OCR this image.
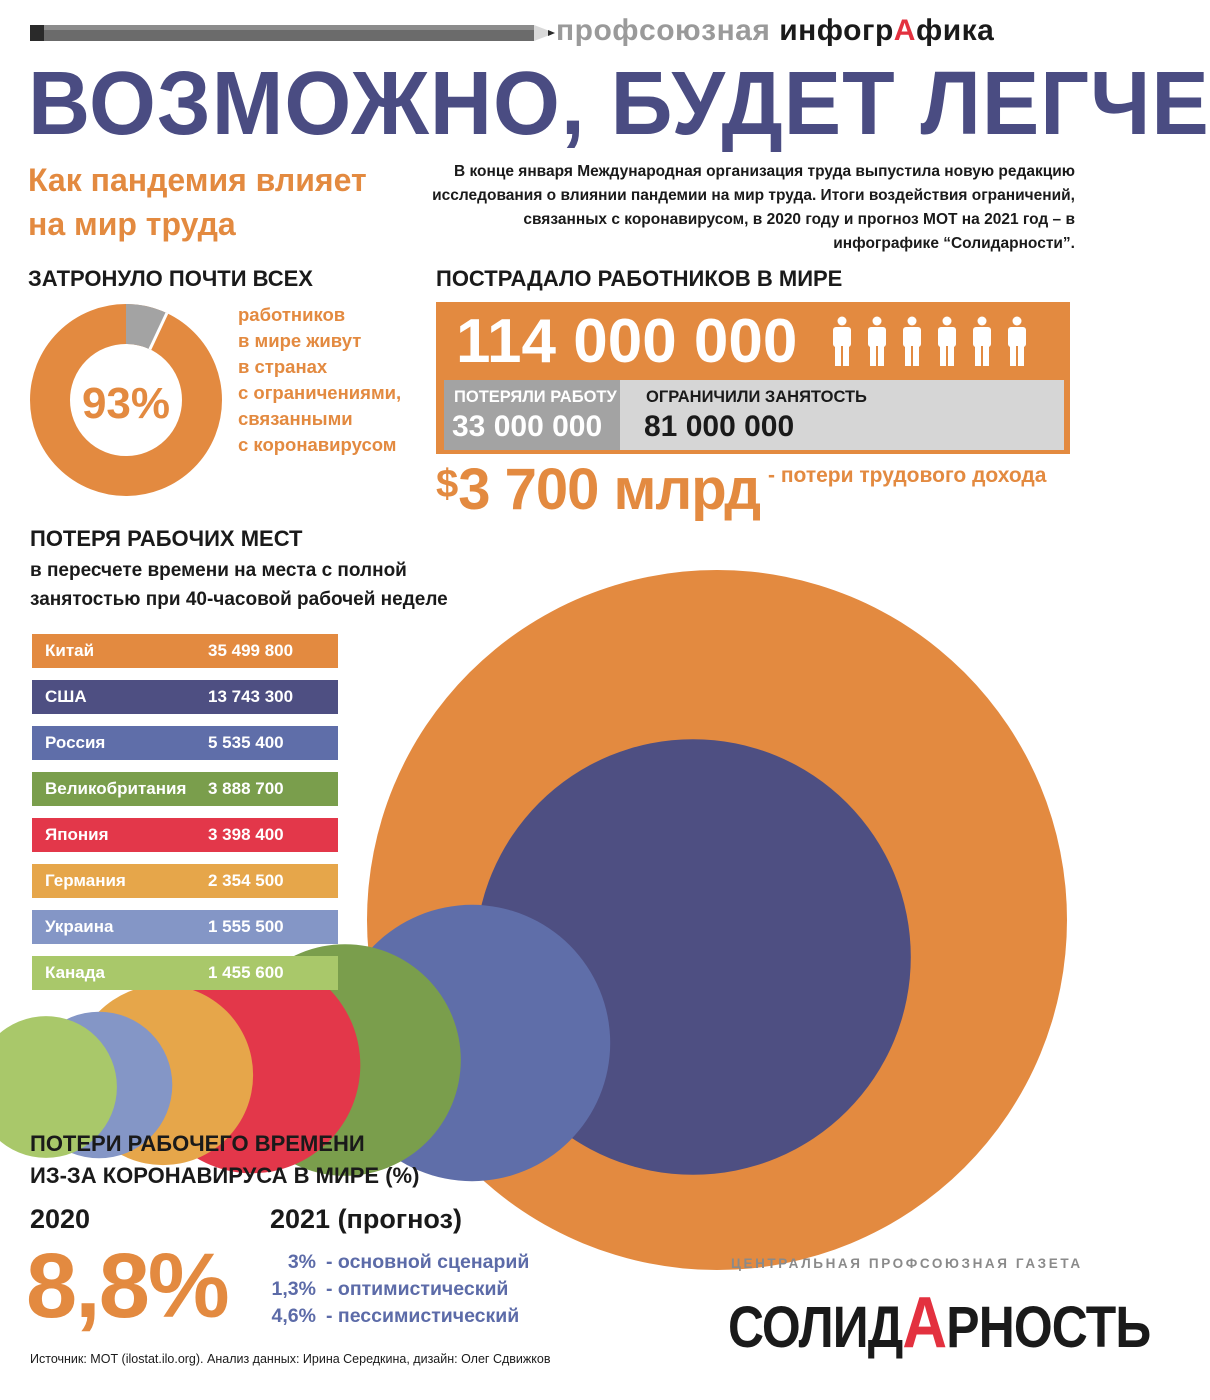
профсоюзная инфогрАфика
ВОЗМОЖНО, БУДЕТ ЛЕГЧЕ
Как пандемия влияет
на мир труда
В конце января Международная организация труда выпустила новую редакцию исследования о влиянии пандемии на мир труда. Итоги воздействия ограничений, связанных с коронавирусом, в 2020 году и прогноз МОТ на 2021 год – в инфографике “Солидарности”.
ЗАТРОНУЛО ПОЧТИ ВСЕХ
93%
работников
в мире живут
в странах
с ограничениями,
связанными
с коронавирусом
ПОСТРАДАЛО РАБОТНИКОВ В МИРЕ
114 000 000
ПОТЕРЯЛИ РАБОТУ
33 000 000
ОГРАНИЧИЛИ ЗАНЯТОСТЬ
81 000 000
$3 700 млрд - потери трудового дохода
ПОТЕРЯ РАБОЧИХ МЕСТ
в пересчете времени на места с полной
занятостью при 40-часовой рабочей неделе
Китай	35 499 800
США	13 743 300
Россия	5 535 400
Великобритания 3 888 700
Япония	3 398 400
Германия	2 354 500
Украина	1 555 500
Канада	1 455 600
ПОТЕРИ РАБОЧЕГО ВРЕМЕНИ
ИЗ-ЗА КОРОНАВИРУСА В МИРЕ (%)
2020
8,8%
2021 (прогноз)
3% - основной сценарий
1,3% - оптимистический
4,6% - пессимистический
Источник: МОТ (ilostat.ilo.org). Анализ данных: Ирина Середкина, дизайн: Олег Сдвижков
ЦЕНТРАЛЬНАЯ ПРОФСОЮЗНАЯ ГАЗЕТА
СОЛИДАРНОСТЬ
